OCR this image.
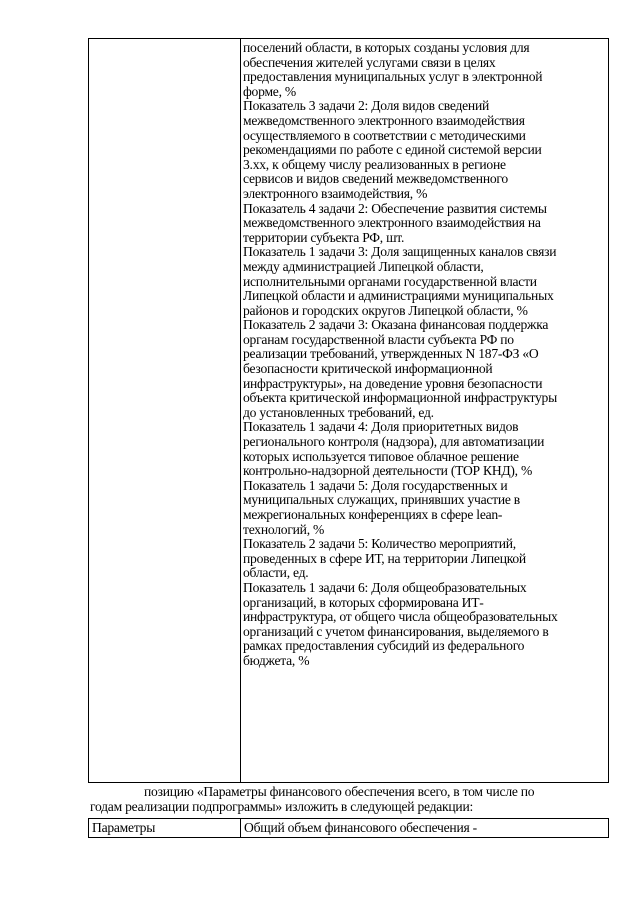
поселений области, в которых созданы условия для
обеспечения жителей услугами связи в целях
предоставления муниципальных услуг в электронной
форме, %
Показатель 3 задачи 2: Доля видов сведений
межведомственного электронного взаимодействия
осуществляемого в соответствии с методическими
рекомендациями по работе с единой системой версии
3.хх, к общему числу реализованных в регионе
сервисов и видов сведений межведомственного
электронного взаимодействия, %
Показатель 4 задачи 2: Обеспечение развития системы
межведомственного электронного взаимодействия на
территории субъекта РФ, шт.
Показатель 1 задачи 3: Доля защищенных каналов связи
между администрацией Липецкой области,
исполнительными органами государственной власти
Липецкой области и администрациями муниципальных
районов и городских округов Липецкой области, %
Показатель 2 задачи 3: Оказана финансовая поддержка
органам государственной власти субъекта РФ по
реализации требований, утвержденных N 187-ФЗ «О
безопасности критической информационной
инфраструктуры», на доведение уровня безопасности
объекта критической информационной инфраструктуры
до установленных требований, ед.
Показатель 1 задачи 4: Доля приоритетных видов
регионального контроля (надзора), для автоматизации
которых используется типовое облачное решение
контрольно-надзорной деятельности (ТОР КНД), %
Показатель 1 задачи 5: Доля государственных и
муниципальных служащих, принявших участие в
межрегиональных конференциях в сфере lean-
технологий, %
Показатель 2 задачи 5: Количество мероприятий,
проведенных в сфере ИТ, на территории Липецкой
области, ед.
Показатель 1 задачи 6: Доля общеобразовательных
организаций, в которых сформирована ИТ-
инфраструктура, от общего числа общеобразовательных
организаций с учетом финансирования, выделяемого в
рамках предоставления субсидий из федерального
бюджета, %
позицию «Параметры финансового обеспечения всего, в том числе по
годам реализации подпрограммы» изложить в следующей редакции:
Параметры	Общий объем финансового обеспечения -
